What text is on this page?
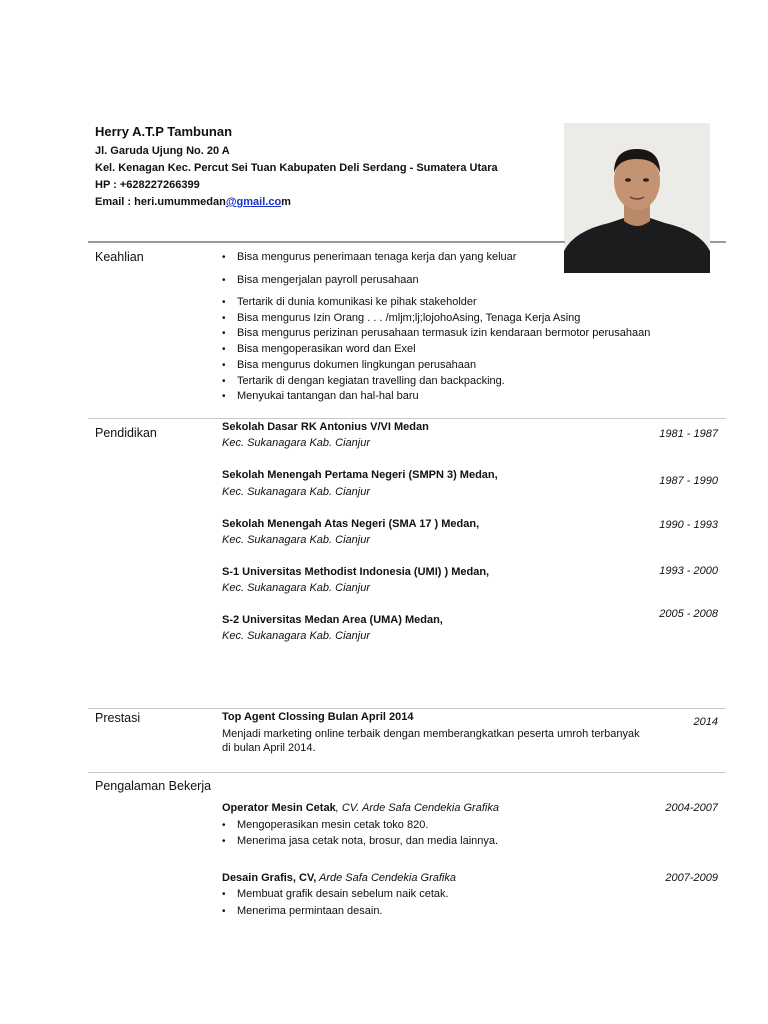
Herry A.T.P Tambunan
Jl. Garuda Ujung No. 20 A
Kel. Kenagan Kec. Percut Sei Tuan Kabupaten Deli Serdang - Sumatera Utara
HP : +628227266399
Email : heri.umummedan@gmail.com
Keahlian	• Bisa mengurus penerimaan tenaga kerja dan yang keluar
• Bisa mengerjalan payroll perusahaan
• Tertarik di dunia komunikasi ke pihak stakeholder
• Bisa mengurus Izin Orang . . . /mljm;lj;lojohoAsing, Tenaga Kerja Asing
• Bisa mengurus perizinan perusahaan termasuk izin kendaraan bermotor perusahaan
• Bisa mengoperasikan word dan Exel
• Bisa mengurus dokumen lingkungan perusahaan
• Tertarik di dengan kegiatan travelling dan backpacking.
• Menyukai tantangan dan hal-hal baru
Pendidikan	Sekolah Dasar RK Antonius V/VI Medan
Kec. Sukanagara Kab. Cianjur
1981 - 1987
Sekolah Menengah Pertama Negeri (SMPN 3) Medan,
Kec. Sukanagara Kab. Cianjur
1987 - 1990
Sekolah Menengah Atas Negeri (SMA 17 ) Medan,
Kec. Sukanagara Kab. Cianjur
1990 - 1993
S-1 Universitas Methodist Indonesia (UMI) ) Medan,
Kec. Sukanagara Kab. Cianjur
1993 - 2000
S-2 Universitas Medan Area (UMA) Medan,
Kec. Sukanagara Kab. Cianjur
2005 - 2008
Prestasi	Top Agent Clossing Bulan April 2014
Menjadi marketing online terbaik dengan memberangkatkan peserta umroh terbanyak di bulan April 2014.
2014
Pengalaman Bekerja
Operator Mesin Cetak, CV. Arde Safa Cendekia Grafika	2004-2007
• Mengoperasikan mesin cetak toko 820.
• Menerima jasa cetak nota, brosur, dan media lainnya.
Desain Grafis, CV, Arde Safa Cendekia Grafika	2007-2009
• Membuat grafik desain sebelum naik cetak.
• Menerima permintaan desain.
